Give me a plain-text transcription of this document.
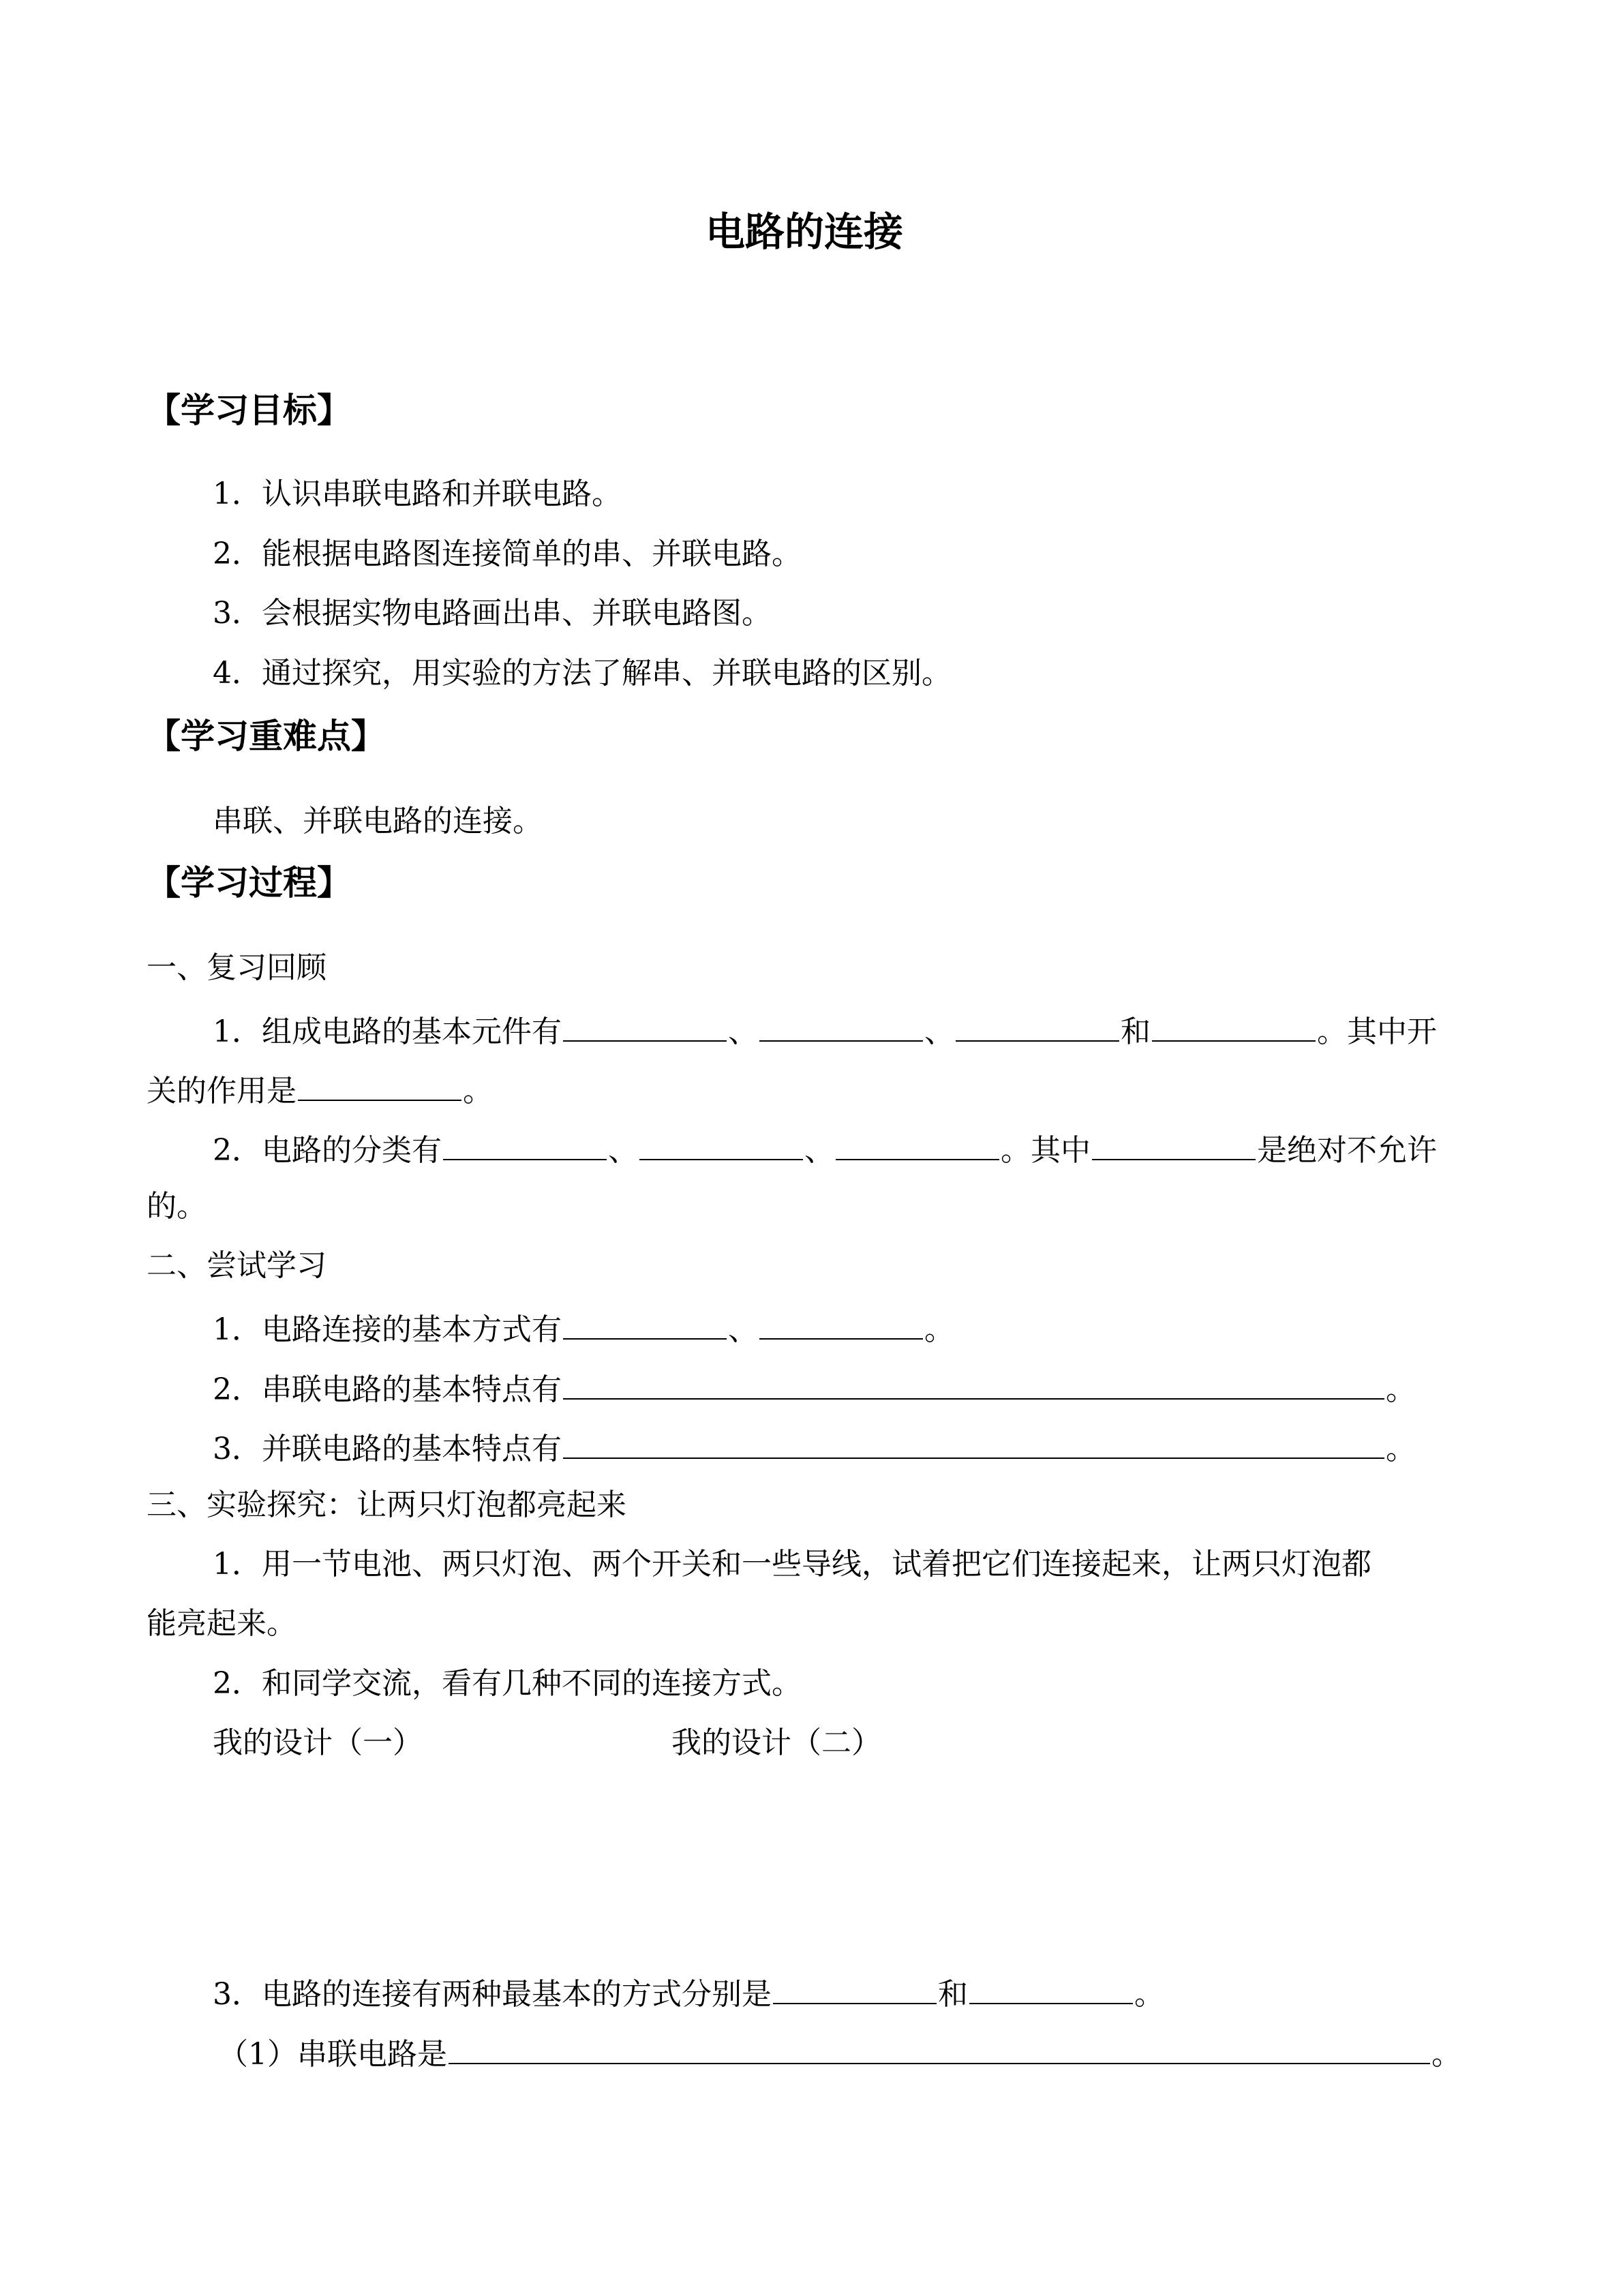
电路的连接
【学习目标】
1．认识串联电路和并联电路。
2．能根据电路图连接简单的串、并联电路。
3．会根据实物电路画出串、并联电路图。
4．通过探究，用实验的方法了解串、并联电路的区别。
【学习重难点】
串联、并联电路的连接。
【学习过程】
一、复习回顾
1．组成电路的基本元件有	、	、	和	。其中开
关的作用是	。
2．电路的分类有	、	、	。其中	是绝对不允许
的。
二、尝试学习
1．电路连接的基本方式有	、	。
2．串联电路的基本特点有	。
3．并联电路的基本特点有	。
三、实验探究：让两只灯泡都亮起来
1．用一节电池、两只灯泡、两个开关和一些导线，试着把它们连接起来，让两只灯泡都
能亮起来。
2．和同学交流，看有几种不同的连接方式。
我的设计（一）	我的设计（二）
3．电路的连接有两种最基本的方式分别是	和	。
（1）串联电路是	。
